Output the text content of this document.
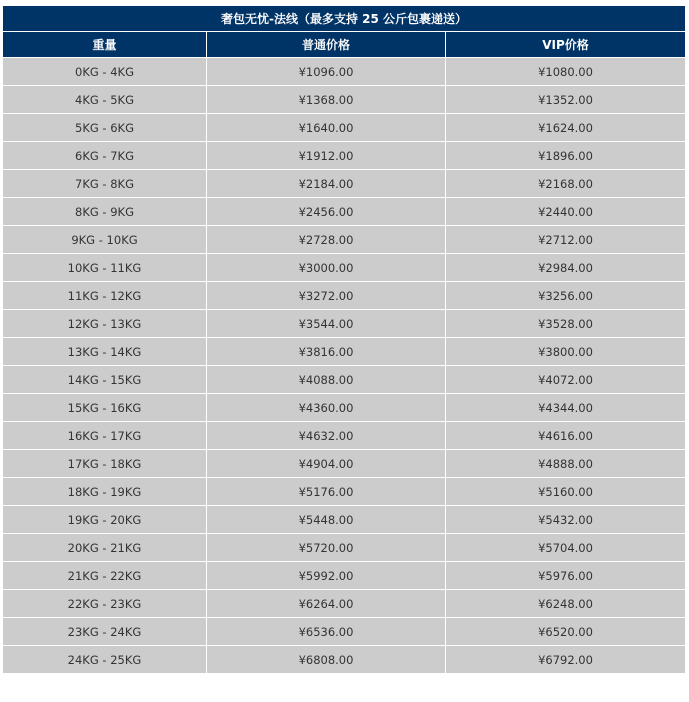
奢包无忧-法线（最多支持 25 公斤包裹递送）		
重量	普通价格	VIP价格
0KG - 4KG	¥1096.00	¥1080.00
4KG - 5KG	¥1368.00	¥1352.00
5KG - 6KG	¥1640.00	¥1624.00
6KG - 7KG	¥1912.00	¥1896.00
7KG - 8KG	¥2184.00	¥2168.00
8KG - 9KG	¥2456.00	¥2440.00
9KG - 10KG	¥2728.00	¥2712.00
10KG - 11KG	¥3000.00	¥2984.00
11KG - 12KG	¥3272.00	¥3256.00
12KG - 13KG	¥3544.00	¥3528.00
13KG - 14KG	¥3816.00	¥3800.00
14KG - 15KG	¥4088.00	¥4072.00
15KG - 16KG	¥4360.00	¥4344.00
16KG - 17KG	¥4632.00	¥4616.00
17KG - 18KG	¥4904.00	¥4888.00
18KG - 19KG	¥5176.00	¥5160.00
19KG - 20KG	¥5448.00	¥5432.00
20KG - 21KG	¥5720.00	¥5704.00
21KG - 22KG	¥5992.00	¥5976.00
22KG - 23KG	¥6264.00	¥6248.00
23KG - 24KG	¥6536.00	¥6520.00
24KG - 25KG	¥6808.00	¥6792.00
